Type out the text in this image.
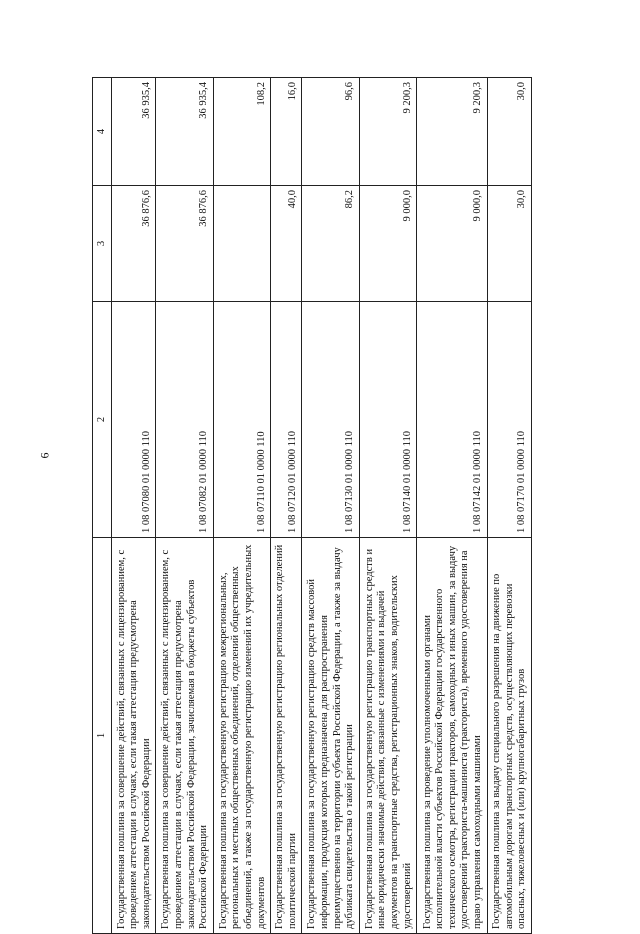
6
1	2	3	4
Государственная пошлина за совершение действий, связанных с лицензированием, с проведением аттестации в случаях, если такая аттестация предусмотрена законодательством Российской Федерации	1 08 07080 01 0000 110	36 876,6	36 935,4
Государственная пошлина за совершение действий, связанных с лицензированием, с проведением аттестации в случаях, если такая аттестация предусмотрена законодательством Российской Федерации, зачисляемая в бюджеты субъектов Российской Федерации	1 08 07082 01 0000 110	36 876,6	36 935,4
Государственная пошлина за государственную регистрацию межрегиональных, региональных и местных общественных объединений, отделений общественных объединений, а также за государственную регистрацию изменений их учредительных документов	1 08 07110 01 0000 110		108,2
Государственная пошлина за государственную регистрацию региональных отделений политической партии	1 08 07120 01 0000 110	40,0	16,0
Государственная пошлина за государственную регистрацию средств массовой информации, продукция которых предназначена для распространения преимущественно на территории субъекта Российской Федерации, а также за выдачу дубликата свидетельства о такой регистрации	1 08 07130 01 0000 110	86,2	96,6
Государственная пошлина за государственную регистрацию транспортных средств и иные юридически значимые действия, связанные с изменениями и выдачей документов на транспортные средства, регистрационных знаков, водительских удостоверений	1 08 07140 01 0000 110	9 000,0	9 200,3
Государственная пошлина за проведение уполномоченными органами исполнительной власти субъектов Российской Федерации государственного технического осмотра, регистрации тракторов, самоходных и иных машин, за выдачу удостоверений тракториста-машиниста (тракториста), временного удостоверения на право управления самоходными машинами	1 08 07142 01 0000 110	9 000,0	9 200,3
Государственная пошлина за выдачу специального разрешения на движение по автомобильным дорогам транспортных средств, осуществляющих перевозки опасных, тяжеловесных и (или) крупногабаритных грузов	1 08 07170 01 0000 110	30,0	30,0
